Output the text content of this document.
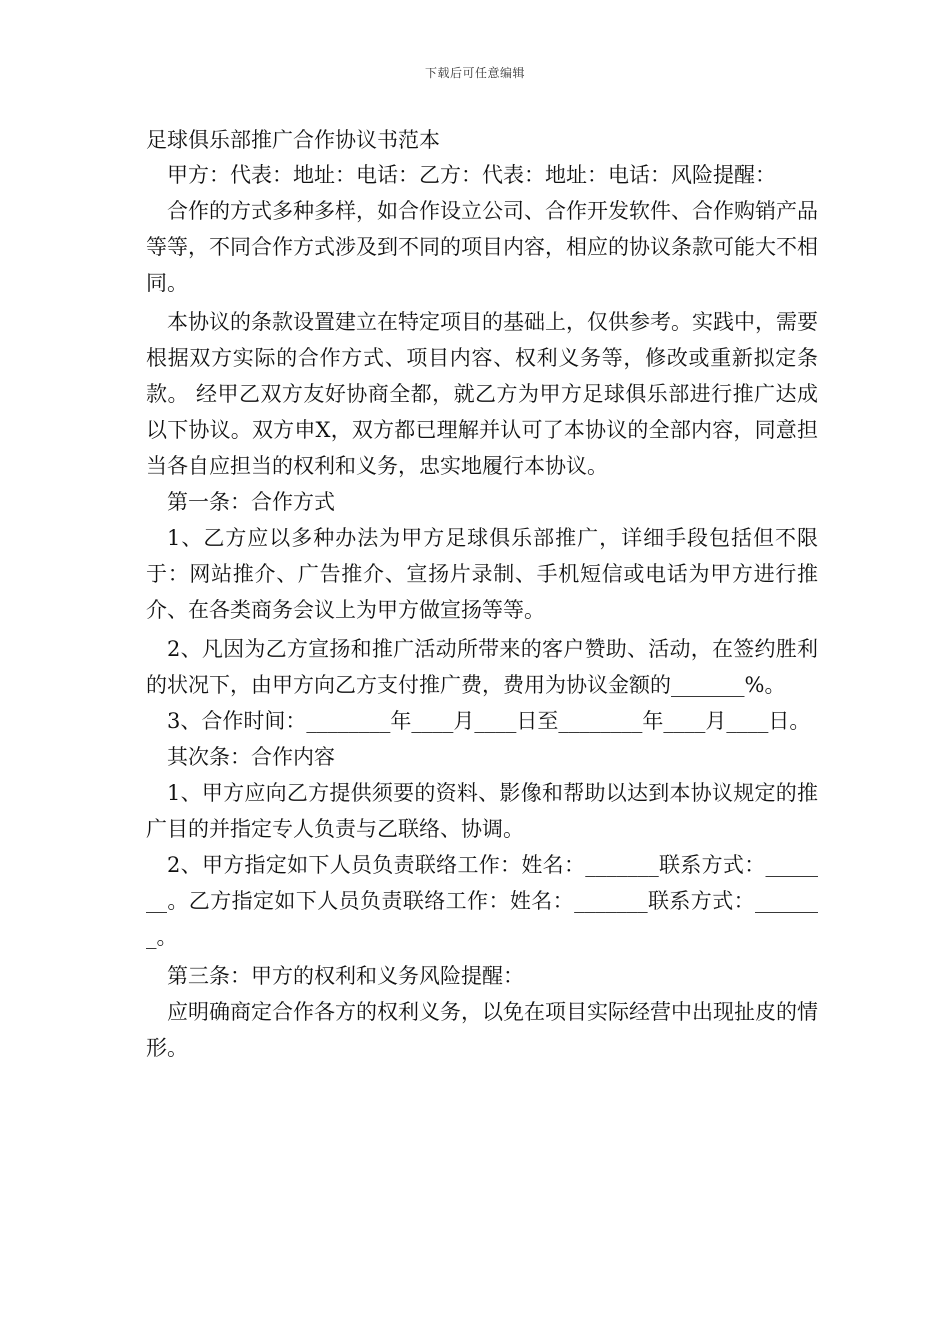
下载后可任意编辑

足球俱乐部推广合作协议书范本

甲方：代表：地址：电话：乙方：代表：地址：电话：风险提醒：

合作的方式多种多样，如合作设立公司、合作开发软件、合作购销产品等等，不同合作方式涉及到不同的项目内容，相应的协议条款可能大不相同。

本协议的条款设置建立在特定项目的基础上，仅供参考。实践中，需要根据双方实际的合作方式、项目内容、权利义务等，修改或重新拟定条款。 经甲乙双方友好协商全都，就乙方为甲方足球俱乐部进行推广达成以下协议。双方申X，双方都已理解并认可了本协议的全部内容，同意担当各自应担当的权利和义务，忠实地履行本协议。

第一条：合作方式

1、乙方应以多种办法为甲方足球俱乐部推广，详细手段包括但不限于：网站推介、广告推介、宣扬片录制、手机短信或电话为甲方进行推介、在各类商务会议上为甲方做宣扬等等。

2、凡因为乙方宣扬和推广活动所带来的客户赞助、活动，在签约胜利的状况下，由甲方向乙方支付推广费，费用为协议金额的_______%。

3、合作时间：________年____月____日至________年____月____日。

其次条：合作内容

1、甲方应向乙方提供须要的资料、影像和帮助以达到本协议规定的推广目的并指定专人负责与乙联络、协调。

2、甲方指定如下人员负责联络工作：姓名：_______联系方式：_______。乙方指定如下人员负责联络工作：姓名：_______联系方式：_______。

第三条：甲方的权利和义务风险提醒：

应明确商定合作各方的权利义务，以免在项目实际经营中出现扯皮的情形。
